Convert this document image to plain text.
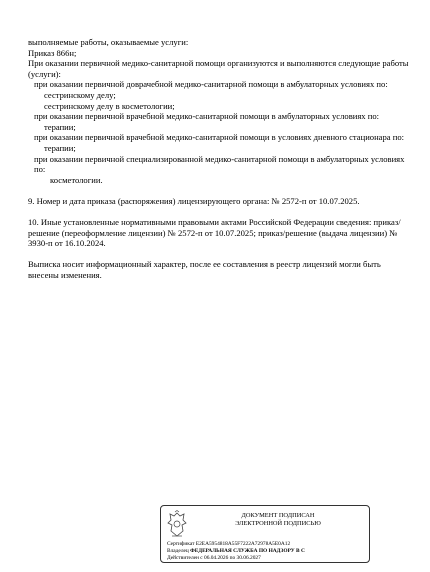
выполняемые работы, оказываемые услуги:

Приказ 866н;

При оказании первичной медико-санитарной помощи организуются и выполняются следующие работы (услуги):

при оказании первичной доврачебной медико-санитарной помощи в амбулаторных условиях по:

сестринскому делу;

сестринскому делу в косметологии;

при оказании первичной врачебной медико-санитарной помощи в амбулаторных условиях по:

терапии;

при оказании первичной врачебной медико-санитарной помощи в условиях дневного стационара по:

терапии;

при оказании первичной специализированной медико-санитарной помощи в амбулаторных условиях по:

косметологии.

9. Номер и дата приказа (распоряжения) лицензирующего органа: № 2572-п от 10.07.2025.

10. Иные установленные нормативными правовыми актами Российской Федерации сведения: приказ/решение (переоформление лицензии) № 2572-п от 10.07.2025; приказ/решение (выдача лицензии) № 3930-п от 16.10.2024.

Выписка носит информационный характер, после ее составления в реестр лицензий могли быть внесены изменения.

ДОКУМЕНТ ПОДПИСАН
ЭЛЕКТРОННОЙ ПОДПИСЬЮ
Сертификат E2EA5954818A55F7222A72978A5E0A12
Владелец ФЕДЕРАЛЬНАЯ СЛУЖБА ПО НАДЗОРУ В С
Действителен с 06.04.2026 по 30.06.2027
